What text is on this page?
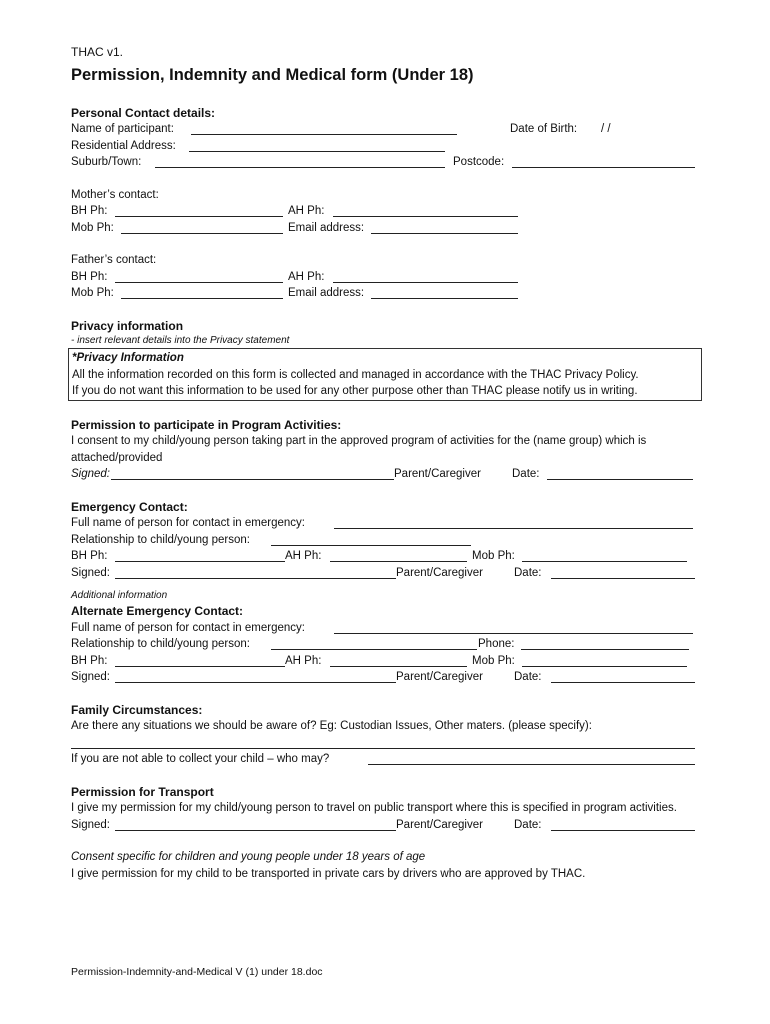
THAC v1.
Permission, Indemnity and Medical form (Under 18)
Personal Contact details:
Name of participant:	Date of Birth: / /
Residential Address:
Suburb/Town:	Postcode:
Mother’s contact:
BH Ph:	AH Ph:
Mob Ph:	Email address:
Father’s contact:
BH Ph:	AH Ph:
Mob Ph:	Email address:
Privacy information
- insert relevant details into the Privacy statement

*Privacy Information

All the information recorded on this form is collected and managed in accordance with the THAC Privacy Policy.

If you do not want this information to be used for any other purpose other than THAC please notify us in writing.

Permission to participate in Program Activities:

I consent to my child/young person taking part in the approved program of activities for the (name group) which is attached/provided

Signed:	Parent/Caregiver	Date:
Emergency Contact:
Full name of person for contact in emergency:
Relationship to child/young person:
BH Ph:	AH Ph:	Mob Ph:
Signed:	Parent/Caregiver	Date:
Additional information
Alternate Emergency Contact:
Full name of person for contact in emergency:
Relationship to child/young person:	Phone:
BH Ph:	AH Ph:	Mob Ph:
Signed:	Parent/Caregiver	Date:
Family Circumstances:
Are there any situations we should be aware of? Eg: Custodian Issues, Other maters. (please specify):
If you are not able to collect your child – who may?
Permission for Transport

I give my permission for my child/young person to travel on public transport where this is specified in program activities.

Signed:	Parent/Caregiver	Date:
Consent specific for children and young people under 18 years of age
I give permission for my child to be transported in private cars by drivers who are approved by THAC.
Permission-Indemnity-and-Medical V (1) under 18.doc
